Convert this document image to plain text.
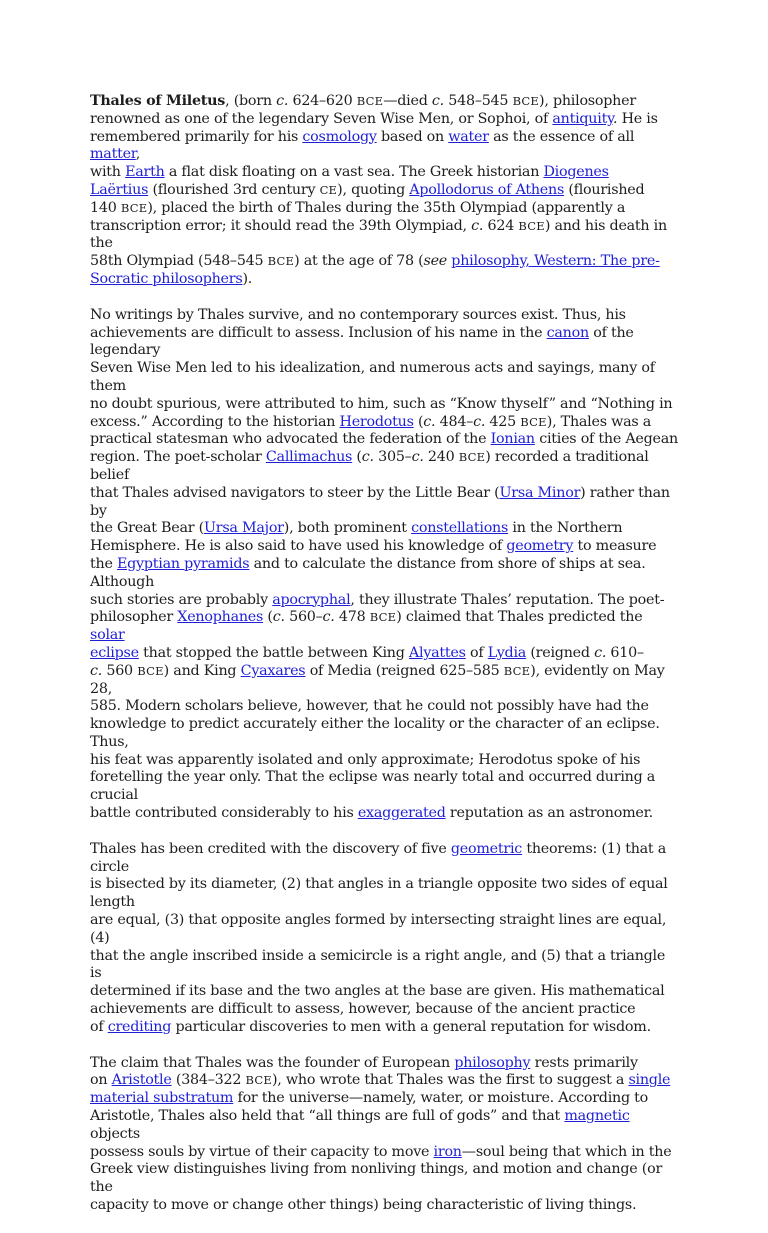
Thales of Miletus, (born c. 624–620 BCE—died c. 548–545 BCE), philosopher
renowned as one of the legendary Seven Wise Men, or Sophoi, of antiquity. He is
remembered primarily for his cosmology based on water as the essence of all matter,
with Earth a flat disk floating on a vast sea. The Greek historian Diogenes
Laërtius (flourished 3rd century CE), quoting Apollodorus of Athens (flourished
140 BCE), placed the birth of Thales during the 35th Olympiad (apparently a
transcription error; it should read the 39th Olympiad, c. 624 BCE) and his death in the
58th Olympiad (548–545 BCE) at the age of 78 (see philosophy, Western: The pre-
Socratic philosophers).

No writings by Thales survive, and no contemporary sources exist. Thus, his
achievements are difficult to assess. Inclusion of his name in the canon of the legendary
Seven Wise Men led to his idealization, and numerous acts and sayings, many of them
no doubt spurious, were attributed to him, such as “Know thyself” and “Nothing in
excess.” According to the historian Herodotus (c. 484–c. 425 BCE), Thales was a
practical statesman who advocated the federation of the Ionian cities of the Aegean
region. The poet-scholar Callimachus (c. 305–c. 240 BCE) recorded a traditional belief
that Thales advised navigators to steer by the Little Bear (Ursa Minor) rather than by
the Great Bear (Ursa Major), both prominent constellations in the Northern
Hemisphere. He is also said to have used his knowledge of geometry to measure
the Egyptian pyramids and to calculate the distance from shore of ships at sea. Although
such stories are probably apocryphal, they illustrate Thales’ reputation. The poet-
philosopher Xenophanes (c. 560–c. 478 BCE) claimed that Thales predicted the solar
eclipse that stopped the battle between King Alyattes of Lydia (reigned c. 610–
c. 560 BCE) and King Cyaxares of Media (reigned 625–585 BCE), evidently on May 28,
585. Modern scholars believe, however, that he could not possibly have had the
knowledge to predict accurately either the locality or the character of an eclipse. Thus,
his feat was apparently isolated and only approximate; Herodotus spoke of his
foretelling the year only. That the eclipse was nearly total and occurred during a crucial
battle contributed considerably to his exaggerated reputation as an astronomer.

Thales has been credited with the discovery of five geometric theorems: (1) that a circle
is bisected by its diameter, (2) that angles in a triangle opposite two sides of equal length
are equal, (3) that opposite angles formed by intersecting straight lines are equal, (4)
that the angle inscribed inside a semicircle is a right angle, and (5) that a triangle is
determined if its base and the two angles at the base are given. His mathematical
achievements are difficult to assess, however, because of the ancient practice
of crediting particular discoveries to men with a general reputation for wisdom.

The claim that Thales was the founder of European philosophy rests primarily
on Aristotle (384–322 BCE), who wrote that Thales was the first to suggest a single
material substratum for the universe—namely, water, or moisture. According to
Aristotle, Thales also held that “all things are full of gods” and that magnetic objects
possess souls by virtue of their capacity to move iron—soul being that which in the
Greek view distinguishes living from nonliving things, and motion and change (or the
capacity to move or change other things) being characteristic of living things.
